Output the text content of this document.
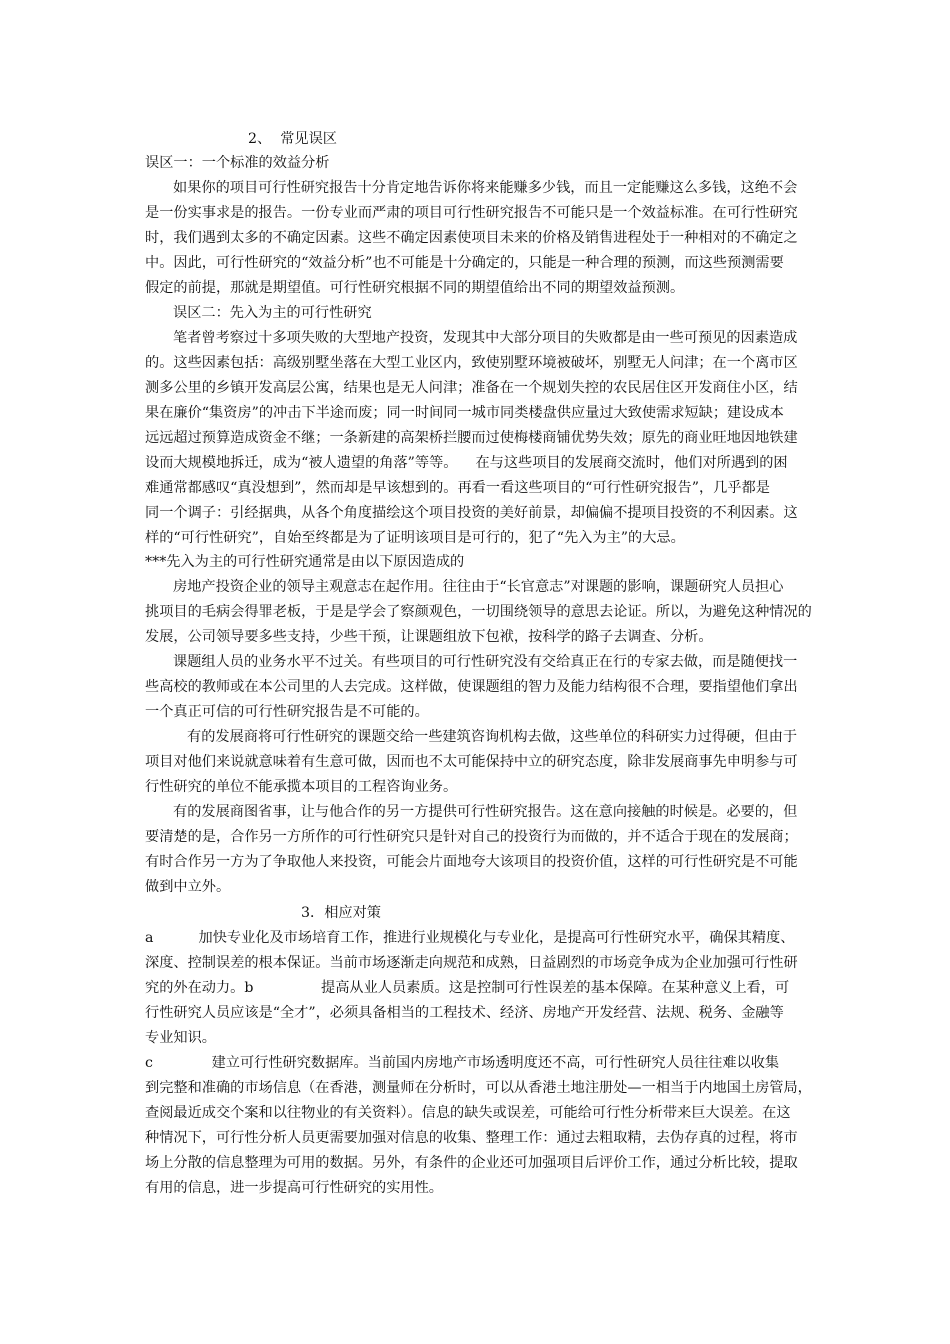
2、  常见误区
误区一：一个标准的效益分析
如果你的项目可行性研究报告十分肯定地告诉你将来能赚多少钱，而且一定能赚这么多钱，这绝不会
是一份实事求是的报告。一份专业而严肃的项目可行性研究报告不可能只是一个效益标准。在可行性研究
时，我们遇到太多的不确定因素。这些不确定因素使项目未来的价格及销售进程处于一种相对的不确定之
中。因此，可行性研究的“效益分析”也不可能是十分确定的，只能是一种合理的预测，而这些预测需要
假定的前提，那就是期望值。可行性研究根据不同的期望值给出不同的期望效益预测。
误区二：先入为主的可行性研究
笔者曾考察过十多项失败的大型地产投资，发现其中大部分项目的失败都是由一些可预见的因素造成
的。这些因素包括：高级别墅坐落在大型工业区内，致使别墅环境被破坏，别墅无人问津；在一个离市区
测多公里的乡镇开发高层公寓，结果也是无人问津；准备在一个规划失控的农民居住区开发商住小区，结
果在廉价“集资房”的冲击下半途而废；同一时间同一城市同类楼盘供应量过大致使需求短缺；建设成本
远远超过预算造成资金不继；一条新建的高架桥拦腰而过使梅楼商铺优势失效；原先的商业旺地因地铁建
设而大规模地拆迁，成为“被人遗望的角落”等等。    在与这些项目的发展商交流时，他们对所遇到的困
难通常都感叹“真没想到”，然而却是早该想到的。再看一看这些项目的“可行性研究报告”，几乎都是
同一个调子：引经据典，从各个角度描绘这个项目投资的美好前景，却偏偏不提项目投资的不利因素。这
样的“可行性研究”，自始至终都是为了证明该项目是可行的，犯了“先入为主”的大忌。
***先入为主的可行性研究通常是由以下原因造成的
房地产投资企业的领导主观意志在起作用。往往由于“长官意志”对课题的影响，课题研究人员担心
挑项目的毛病会得罪老板，于是是学会了察颜观色，一切围绕领导的意思去论证。所以，为避免这种情况的
发展，公司领导要多些支持，少些干预，让课题组放下包袱，按科学的路子去调查、分析。
课题组人员的业务水平不过关。有些项目的可行性研究没有交给真正在行的专家去做，而是随便找一
些高校的教师或在本公司里的人去完成。这样做，使课题组的智力及能力结构很不合理，要指望他们拿出
一个真正可信的可行性研究报告是不可能的。
有的发展商将可行性研究的课题交给一些建筑咨询机构去做，这些单位的科研实力过得硬，但由于
项目对他们来说就意味着有生意可做，因而也不太可能保持中立的研究态度，除非发展商事先申明参与可
行性研究的单位不能承揽本项目的工程咨询业务。
有的发展商图省事，让与他合作的另一方提供可行性研究报告。这在意向接触的时候是。必要的，但
要清楚的是，合作另一方所作的可行性研究只是针对自己的投资行为而做的，并不适合于现在的发展商；
有时合作另一方为了争取他人来投资，可能会片面地夸大该项目的投资价值，这样的可行性研究是不可能
做到中立外。
3．相应对策
a          加快专业化及市场培育工作，推进行业规模化与专业化，是提高可行性研究水平，确保其精度、
深度、控制误差的根本保证。当前市场逐渐走向规范和成熟，日益剧烈的市场竞争成为企业加强可行性研
究的外在动力。b               提高从业人员素质。这是控制可行性误差的基本保障。在某种意义上看，可
行性研究人员应该是“全才”，必须具备相当的工程技术、经济、房地产开发经营、法规、税务、金融等
专业知识。
c             建立可行性研究数据库。当前国内房地产市场透明度还不高，可行性研究人员往往难以收集
到完整和准确的市场信息（在香港，测量师在分析时，可以从香港土地注册处—一相当于内地国土房管局，
查阅最近成交个案和以往物业的有关资料）。信息的缺失或误差，可能给可行性分析带来巨大误差。在这
种情况下，可行性分析人员更需要加强对信息的收集、整理工作：通过去粗取精，去伪存真的过程，将市
场上分散的信息整理为可用的数据。另外，有条件的企业还可加强项目后评价工作，通过分析比较，提取
有用的信息，进一步提高可行性研究的实用性。
